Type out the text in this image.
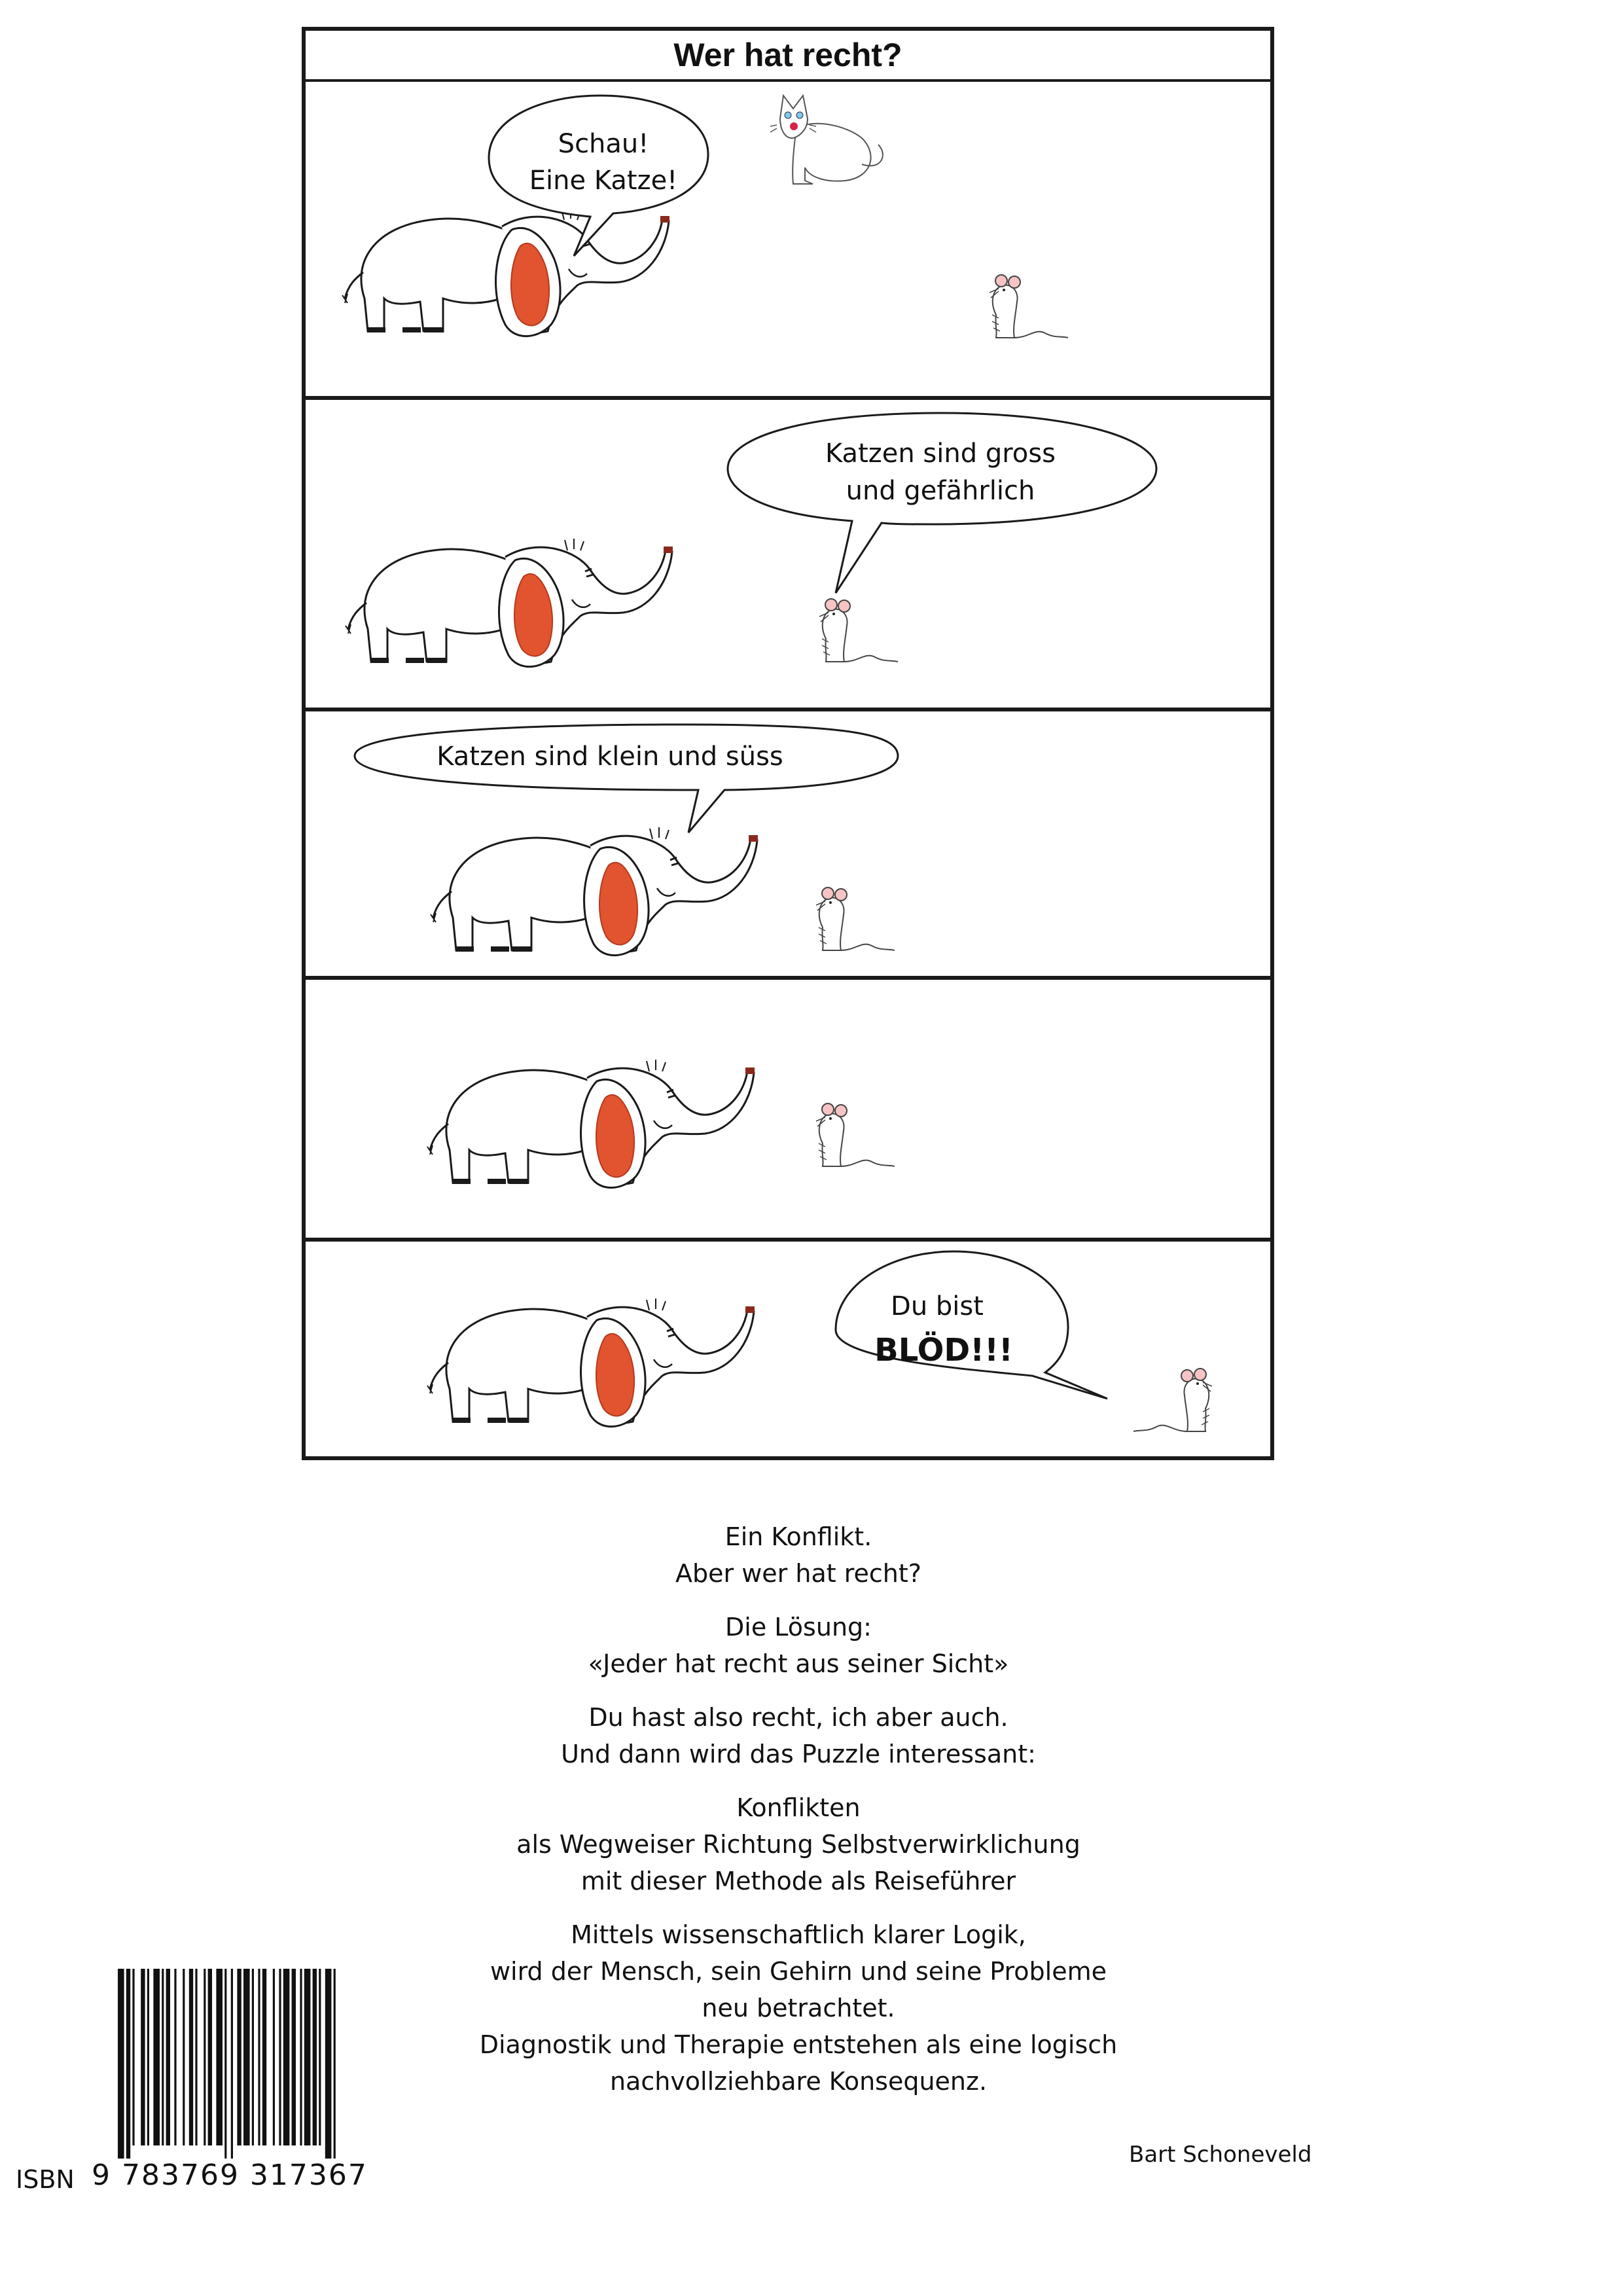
Wer hat recht?
Schau!
Eine Katze!
Katzen sind gross
und gefährlich
Katzen sind klein und süss
Du bist
BLÖD!!!

Ein Konflikt.
Aber wer hat recht?

Die Lösung:
«Jeder hat recht aus seiner Sicht»

Du hast also recht, ich aber auch.
Und dann wird das Puzzle interessant:

Konflikten
als Wegweiser Richtung Selbstverwirklichung
mit dieser Methode als Reiseführer

Mittels wissenschaftlich klarer Logik,
wird der Mensch, sein Gehirn und seine Probleme
neu betrachtet.
Diagnostik und Therapie entstehen als eine logisch
nachvollziehbare Konsequenz.

Bart Schoneveld
ISBN 9 783769 317367
